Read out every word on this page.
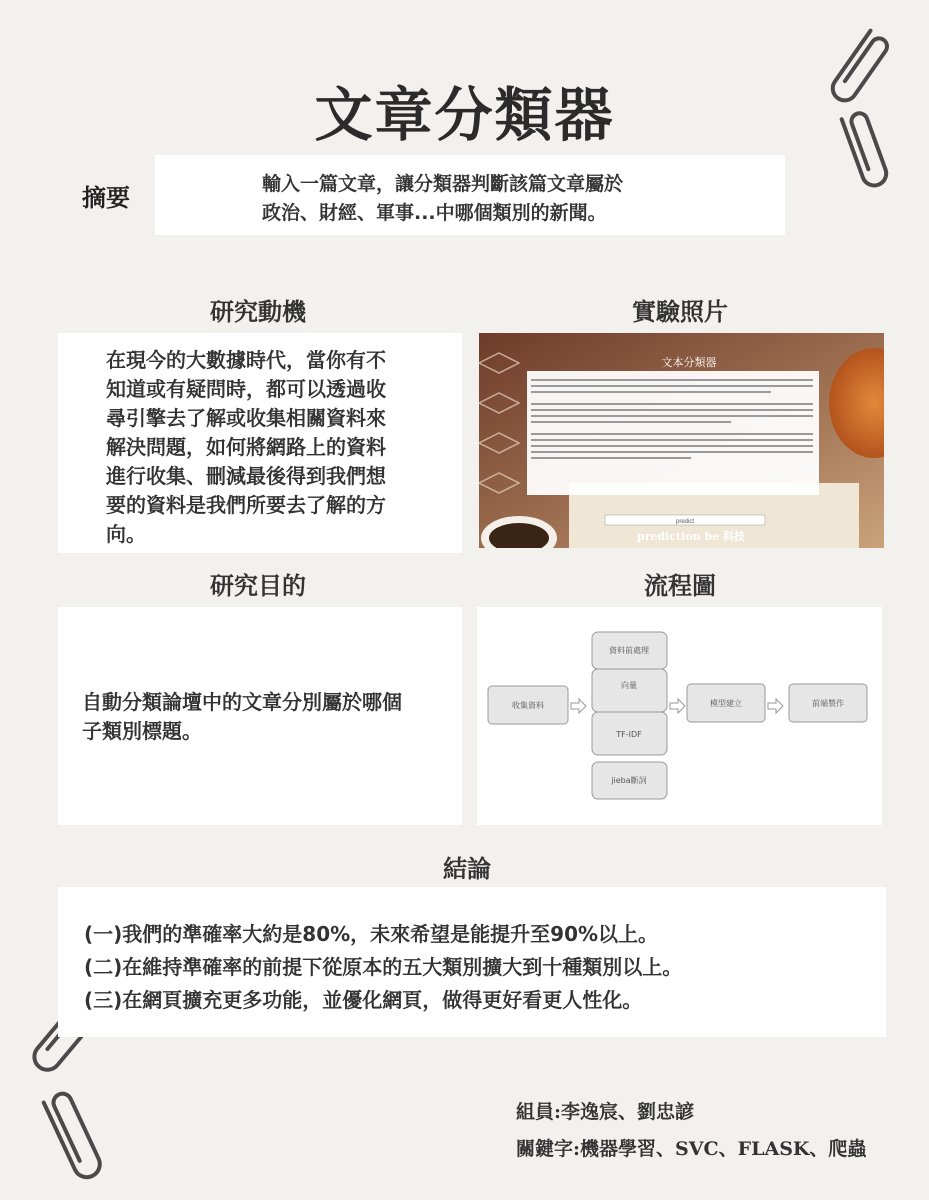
文章分類器
摘要	輸入一篇文章，讓分類器判斷該篇文章屬於
政治、財經、軍事...中哪個類別的新聞。
研究動機	實驗照片
研究目的	流程圖
結論
在現今的大數據時代，當你有不
知道或有疑問時，都可以透過收
尋引擎去了解或收集相關資料來
解決問題，如何將網路上的資料
進行收集、刪減最後得到我們想
要的資料是我們所要去了解的方
向。	predict
文本分類器
prediction be 科技
自動分類論壇中的文章分別屬於哪個
子類別標題。
收集資料
資料前處理
向量
TF-IDF
jieba斷詞
模型建立	前端製作
(一)我們的準確率大約是80%，未來希望是能提升至90%以上。
(二)在維持準確率的前提下從原本的五大類別擴大到十種類別以上。
(三)在網頁擴充更多功能，並優化網頁，做得更好看更人性化。
組員:李逸宸、劉忠諺
關鍵字:機器學習、SVC、FLASK、爬蟲
